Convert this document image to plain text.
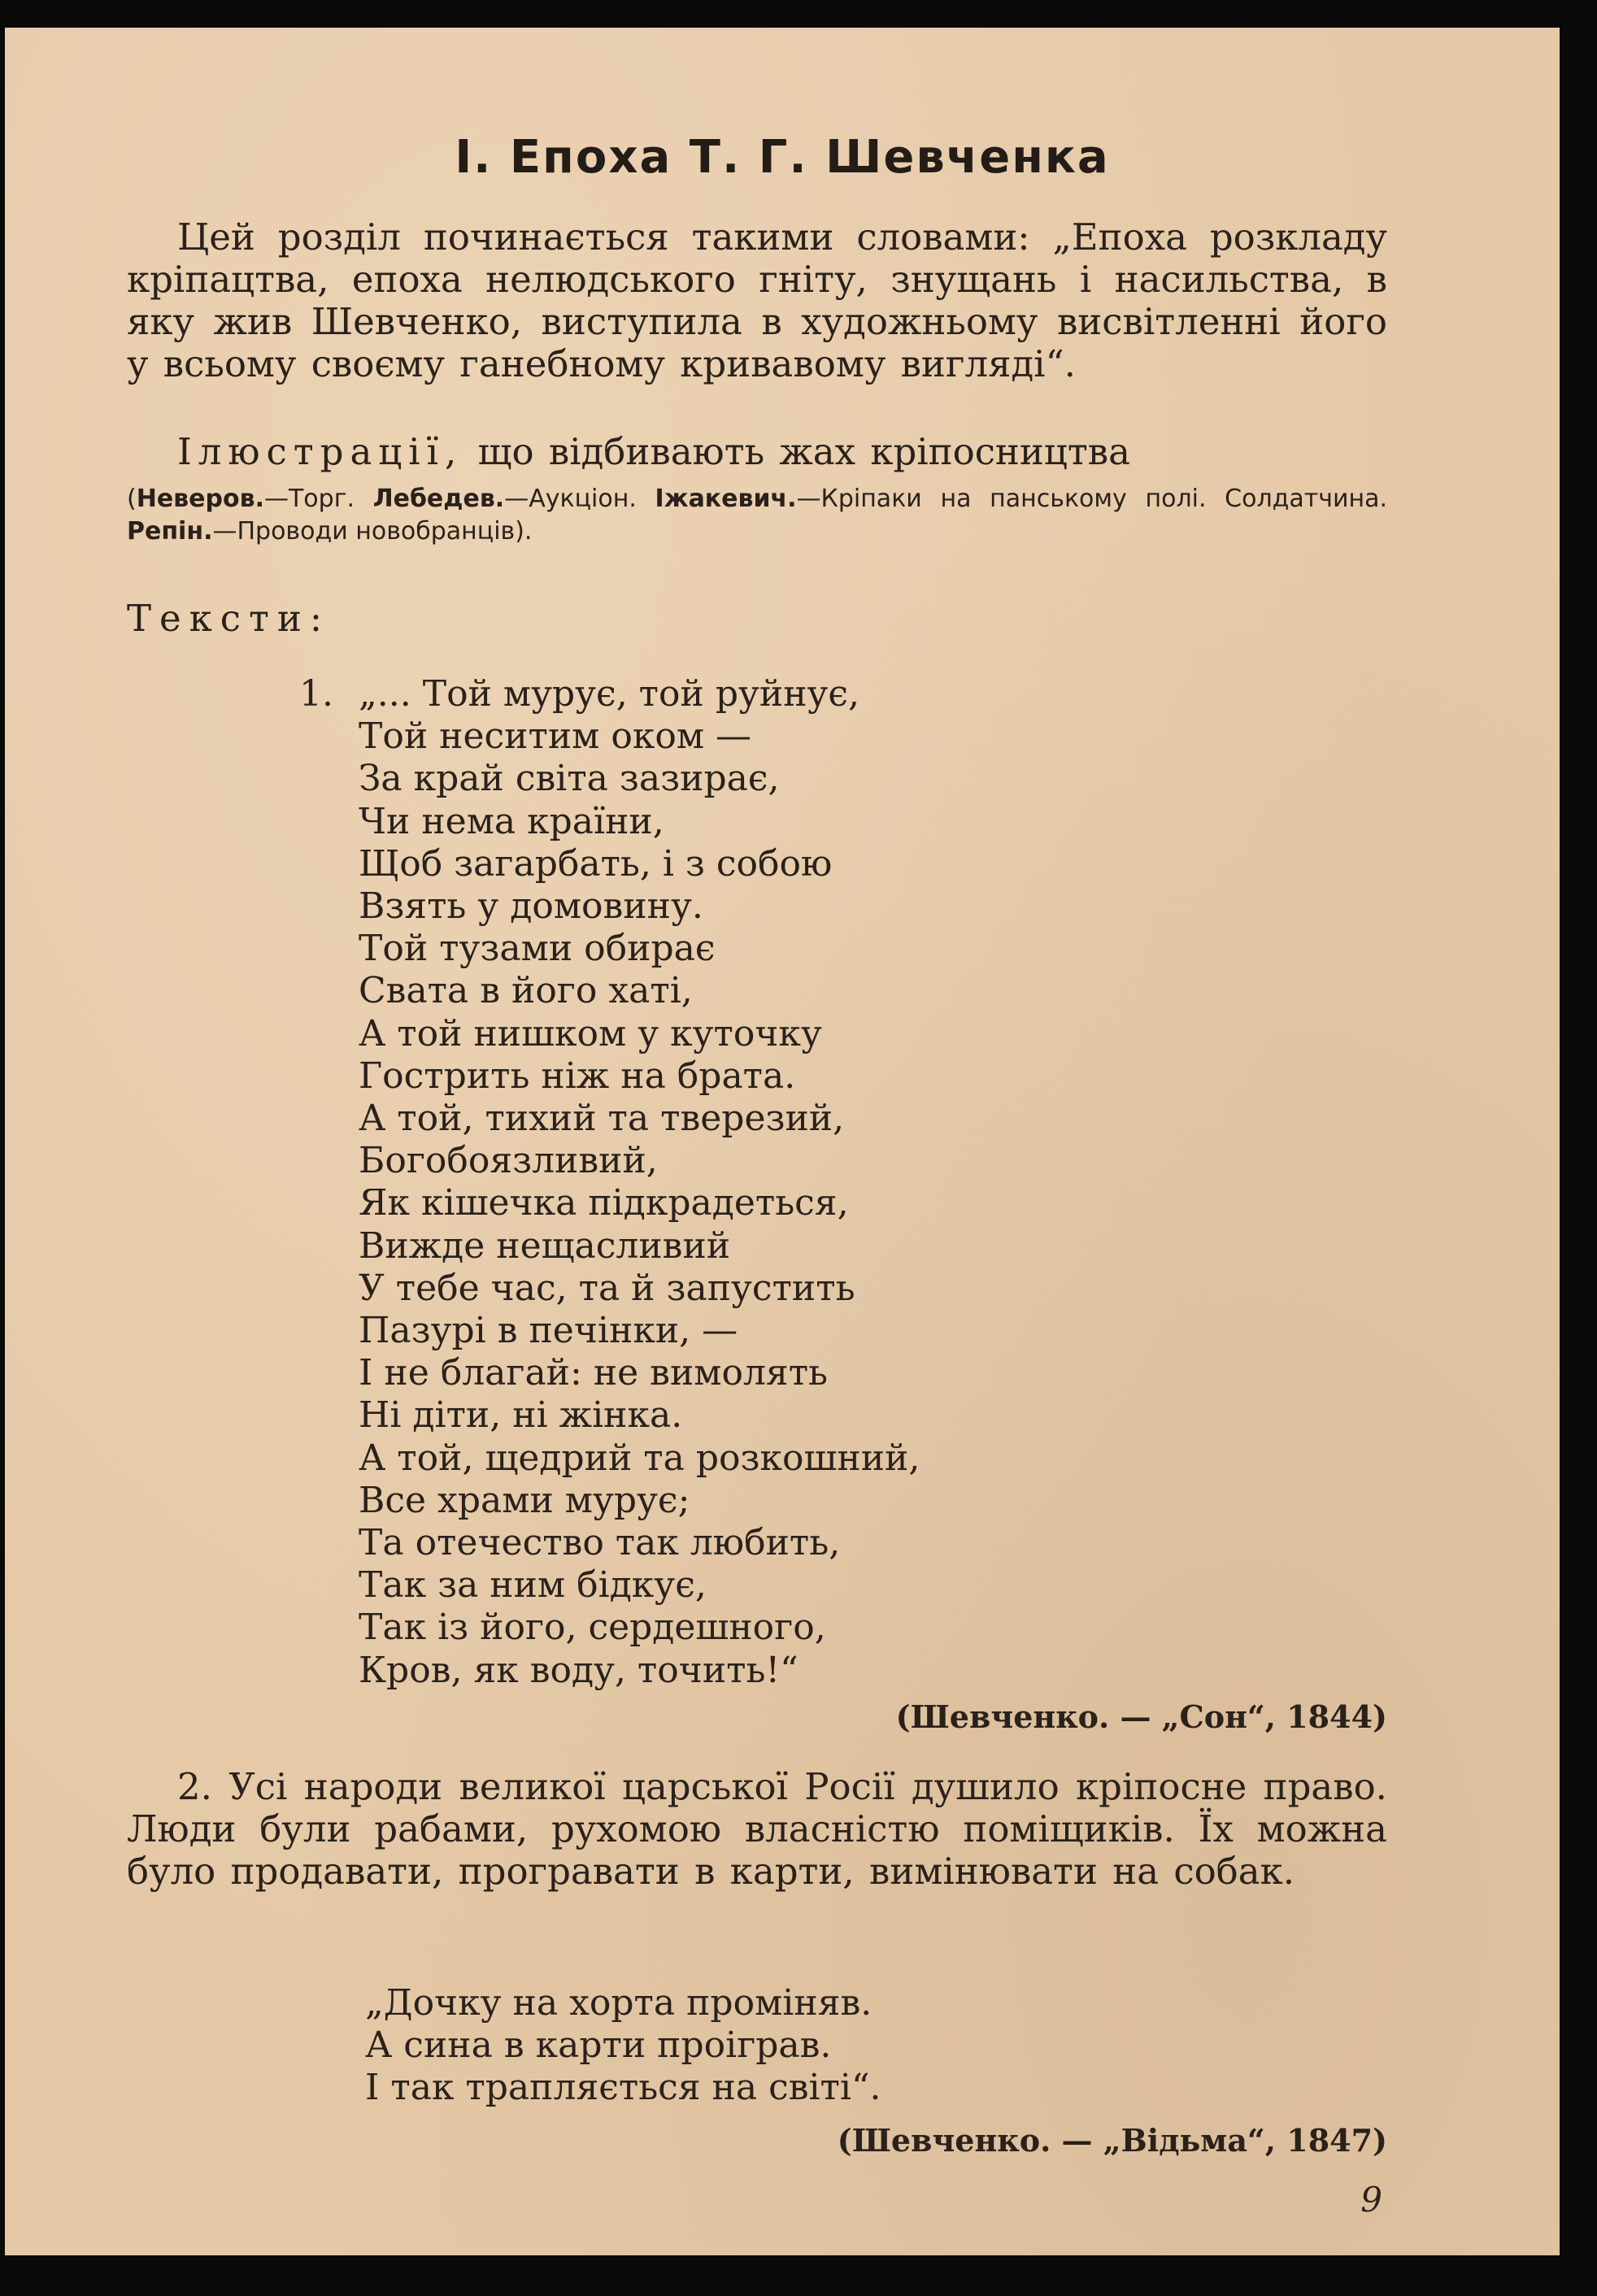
I. Епоха Т. Г. Шевченка

Цей розділ починається такими словами: „Епоха розкладу кріпацтва, епоха нелюдського гніту, знущань і насильства, в яку жив Шевченко, виступила в художньому висвітленні його у всьому своєму ганебному кривавому вигляді“.

Ілюстрації, що відбивають жах кріпосництва

(Неверов.—Торг. Лебедев.—Аукціон. Іжакевич.—Кріпаки на панському полі. Солдатчина. Репін.—Проводи новобранців).

Тексти:

1. „... Той мурує, той руйнує,
Той неситим оком —
За край світа зазирає,
Чи нема країни,
Щоб загарбать, і з собою
Взять у домовину.
Той тузами обирає
Свата в його хаті,
А той нишком у куточку
Гострить ніж на брата.
А той, тихий та тверезий,
Богобоязливий,
Як кішечка підкрадеться,
Вижде нещасливий
У тебе час, та й запустить
Пазурі в печінки, —
І не благай: не вимолять
Ні діти, ні жінка.
А той, щедрий та розкошний,
Все храми мурує;
Та отечество так любить,
Так за ним бідкує,
Так із його, сердешного,
Кров, як воду, точить!“

(Шевченко. — „Сон“, 1844)

2. Усі народи великої царської Росії душило кріпосне право. Люди були рабами, рухомою власністю поміщиків. Їх можна було продавати, програвати в карти, вимінювати на собак.

„Дочку на хорта проміняв.
А сина в карти проіграв.
І так трапляється на світі“.

(Шевченко. — „Відьма“, 1847)

9
